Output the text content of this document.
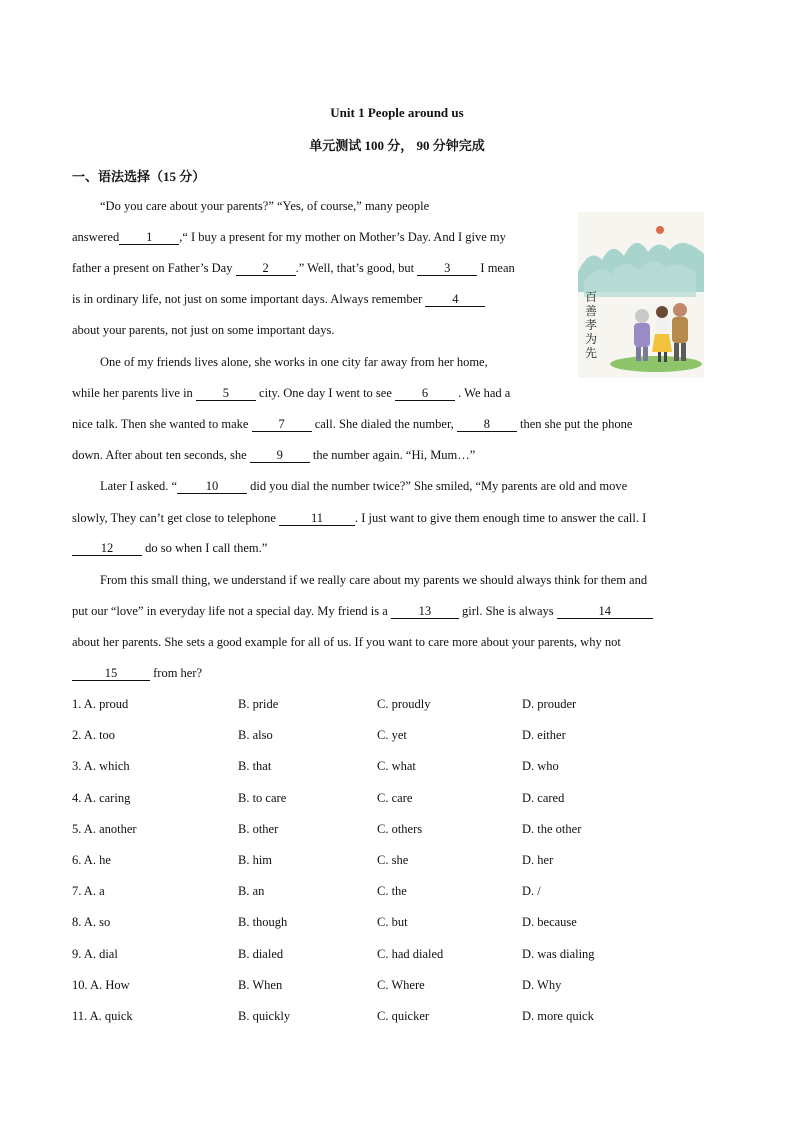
Unit 1 People around us
单元测试 100 分， 90 分钟完成
一、语法选择（15 分）
百善孝为先
“Do you care about your parents?” “Yes, of course,” many people
answered 1 ,“ I buy a present for my mother on Mother’s Day. And I give my
father a present on Father’s Day 2 .” Well, that’s good, but 3 I mean
is in ordinary life, not just on some important days. Always remember 4
about your parents, not just on some important days.
One of my friends lives alone, she works in one city far away from her home,
while her parents live in 5 city. One day I went to see 6 . We had a
nice talk. Then she wanted to make 7 call. She dialed the number, 8 then she put the phone
down. After about ten seconds, she 9 the number again. “Hi, Mum…”
Later I asked. “ 10 did you dial the number twice?” She smiled, “My parents are old and move
slowly, They can’t get close to telephone	11	. I just want to give them enough time to answer the call. I
12 do so when I call them.”
From this small thing, we understand if we really care about my parents we should always think for them and
put our “love” in everyday life not a special day. My friend is a 13 girl. She is always	14
about her parents. She sets a good example for all of us. If you want to care more about your parents, why not
15	from her?
1. A. proud	B. pride	C. proudly	D. prouder
2. A. too	B. also	C. yet	D. either
3. A. which	B. that	C. what	D. who
4. A. caring	B. to care	C. care	D. cared
5. A. another	B. other	C. others	D. the other
6. A. he	B. him	C. she	D. her
7. A. a	B. an	C. the	D. /
8. A. so	B. though	C. but	D. because
9. A. dial	B. dialed	C. had dialed	D. was dialing
10. A. How	B. When	C. Where	D. Why
11. A. quick	B. quickly	C. quicker	D. more quick
